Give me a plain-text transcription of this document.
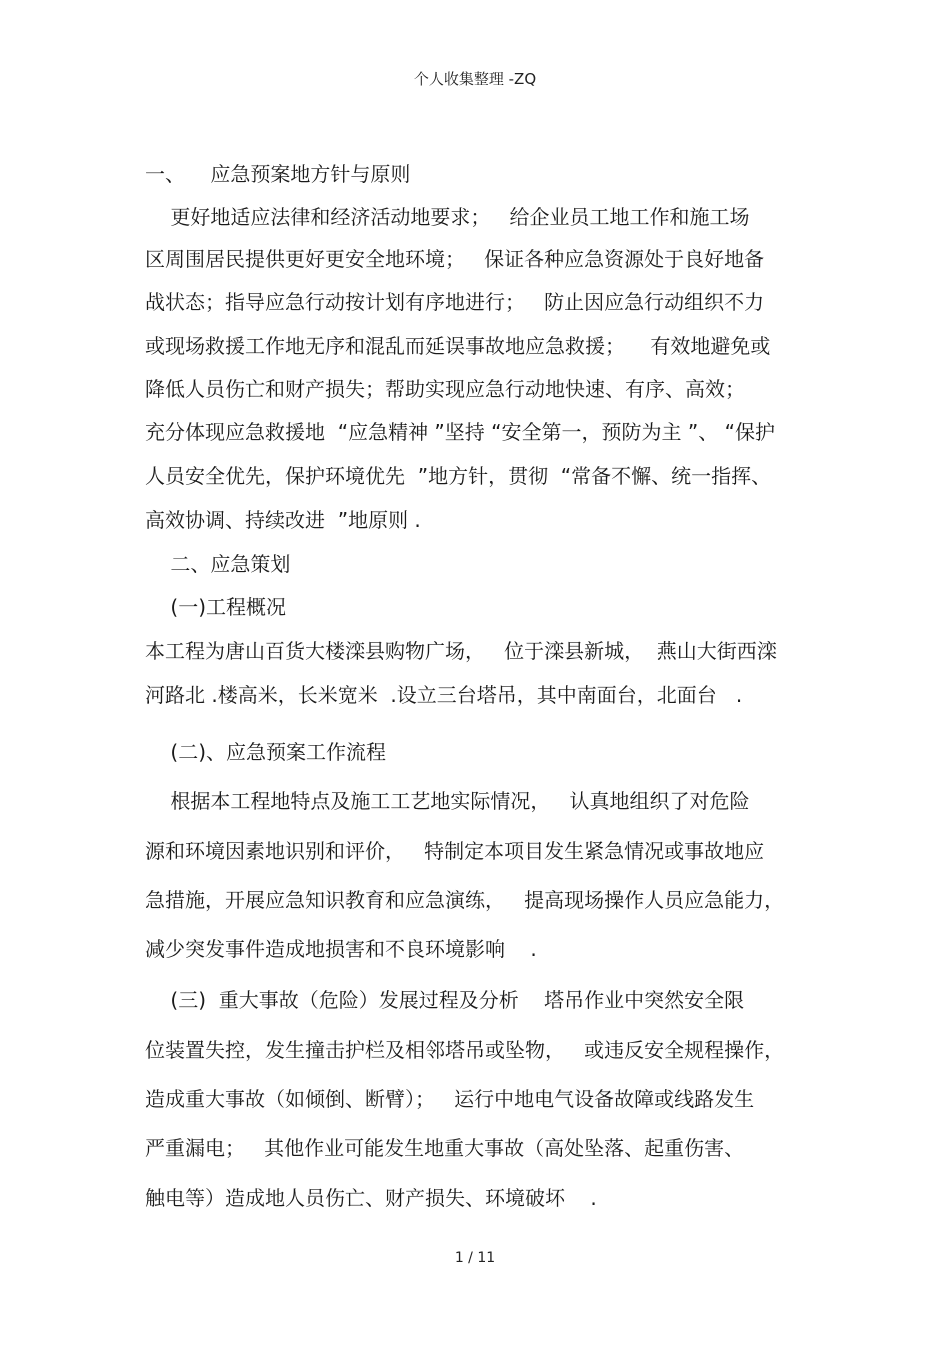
个人收集整理 -ZQ
一、    应急预案地方针与原则
更好地适应法律和经济活动地要求；   给企业员工地工作和施工场
区周围居民提供更好更安全地环境；   保证各种应急资源处于良好地备
战状态；指导应急行动按计划有序地进行；   防止因应急行动组织不力
或现场救援工作地无序和混乱而延误事故地应急救援；    有效地避免或
降低人员伤亡和财产损失；帮助实现应急行动地快速、有序、高效；
充分体现应急救援地  “应急精神 ”坚持 “安全第一，预防为主 ”、 “保护
人员安全优先，保护环境优先  ”地方针，贯彻  “常备不懈、统一指挥、
高效协调、持续改进  ”地原则 .
二、应急策划
(一)工程概况
本工程为唐山百货大楼滦县购物广场，   位于滦县新城，  燕山大街西滦
河路北 .楼高米，长米宽米  .设立三台塔吊，其中南面台，北面台   .
(二)、应急预案工作流程
根据本工程地特点及施工工艺地实际情况，   认真地组织了对危险
源和环境因素地识别和评价，   特制定本项目发生紧急情况或事故地应
急措施，开展应急知识教育和应急演练，   提高现场操作人员应急能力，
减少突发事件造成地损害和不良环境影响    .
(三)  重大事故（危险）发展过程及分析    塔吊作业中突然安全限
位装置失控，发生撞击护栏及相邻塔吊或坠物，   或违反安全规程操作，
造成重大事故（如倾倒、断臂）；   运行中地电气设备故障或线路发生
严重漏电；   其他作业可能发生地重大事故（高处坠落、起重伤害、
触电等）造成地人员伤亡、财产损失、环境破坏    .
1 / 11
